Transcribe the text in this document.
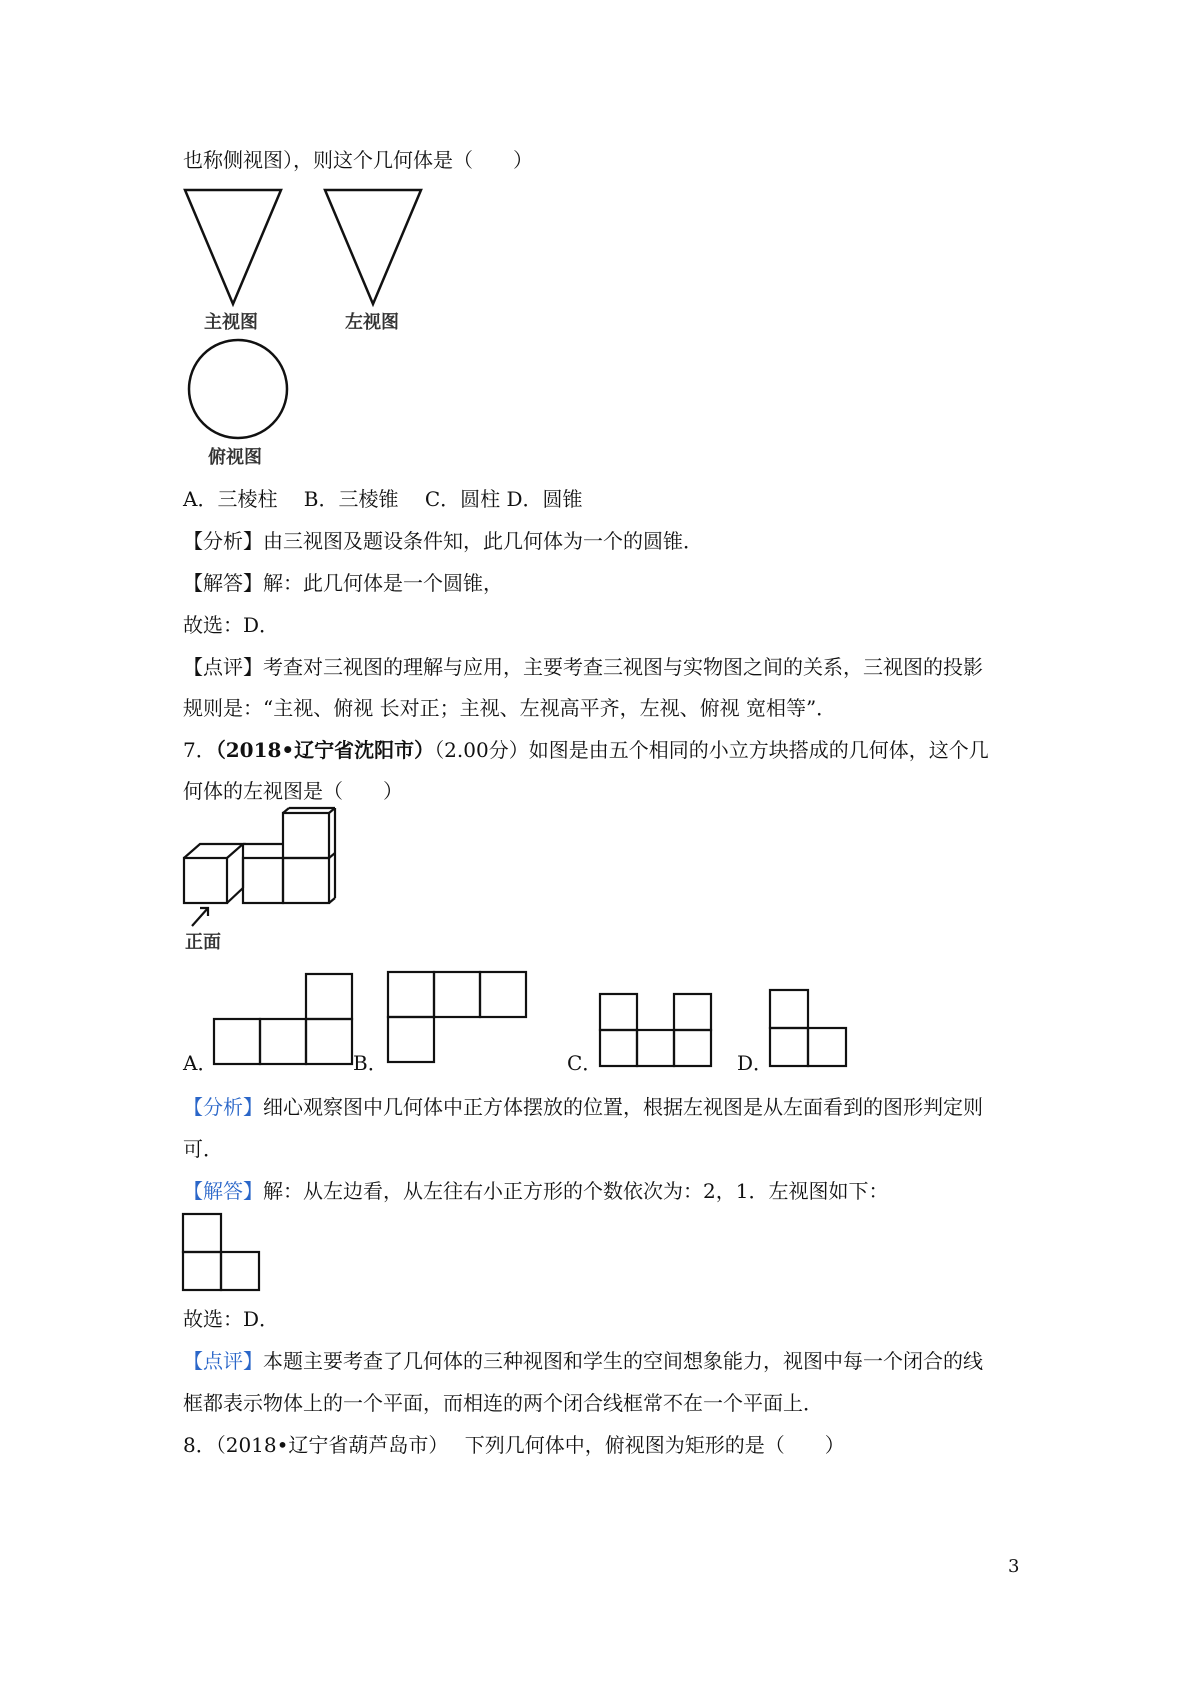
也称侧视图），则这个几何体是（　　）
主视图	左视图
俯视图
A．三棱柱　 B．三棱锥　 C．圆柱 D．圆锥
【分析】由三视图及题设条件知，此几何体为一个的圆锥．
【解答】解：此几何体是一个圆锥，
故选：D．
【点评】考查对三视图的理解与应用，主要考查三视图与实物图之间的关系，三视图的投影
规则是：“主视、俯视 长对正；主视、左视高平齐，左视、俯视 宽相等”．
7．（2018•辽宁省沈阳市）（2.00分）如图是由五个相同的小立方块搭成的几何体，这个几
何体的左视图是（　　）
正面
A．	B．	C．	D．
【分析】细心观察图中几何体中正方体摆放的位置，根据左视图是从左面看到的图形判定则
可．
【解答】解：从左边看，从左往右小正方形的个数依次为：2，1．左视图如下：
故选：D．
【点评】本题主要考查了几何体的三种视图和学生的空间想象能力，视图中每一个闭合的线
框都表示物体上的一个平面，而相连的两个闭合线框常不在一个平面上．
8．（2018•辽宁省葫芦岛市）　 下列几何体中，俯视图为矩形的是（　　）
3
